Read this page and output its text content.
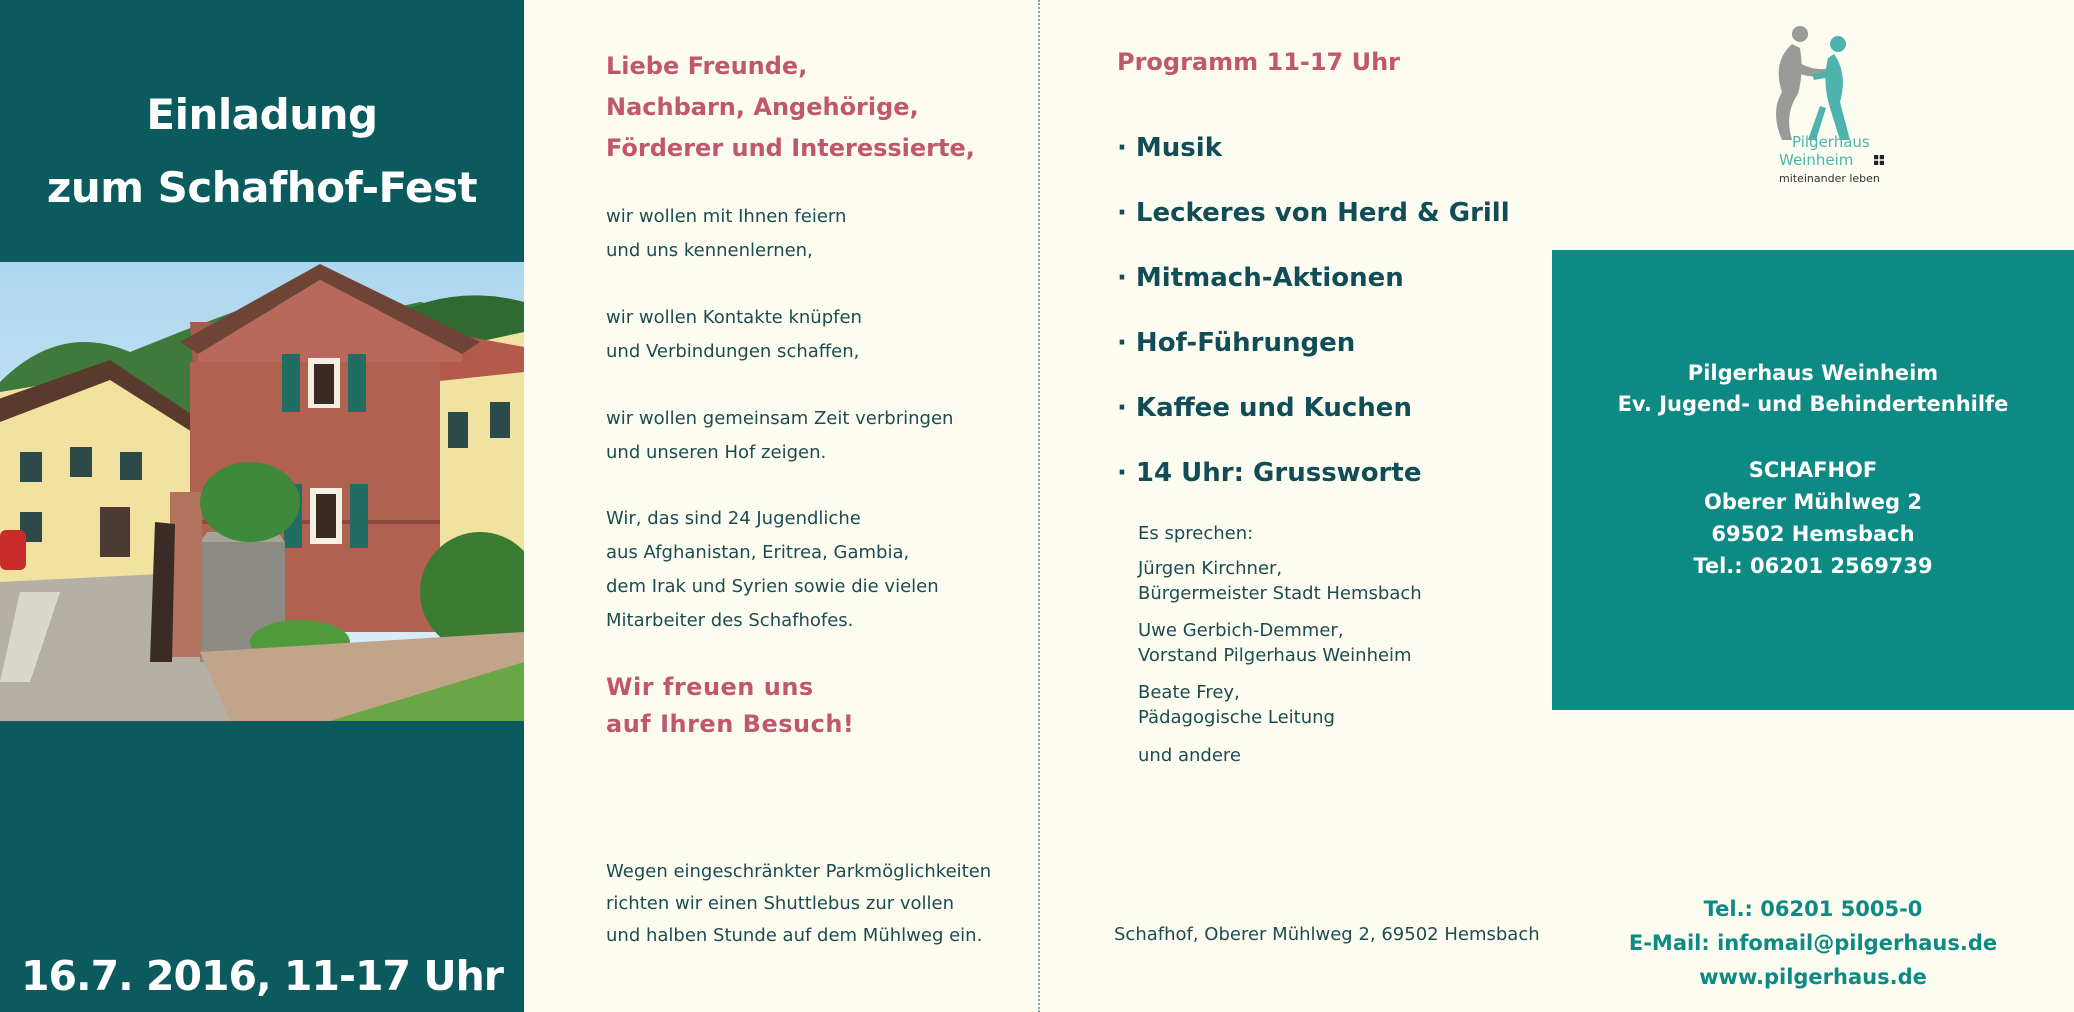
Einladung
zum Schafhof-Fest
16.7. 2016, 11-17 Uhr
Liebe Freunde,
Nachbarn, Angehörige,
Förderer und Interessierte,
wir wollen mit Ihnen feiern
und uns kennenlernen,
wir wollen Kontakte knüpfen
und Verbindungen schaffen,
wir wollen gemeinsam Zeit verbringen
und unseren Hof zeigen.
Wir, das sind 24 Jugendliche
aus Afghanistan, Eritrea, Gambia,
dem Irak und Syrien sowie die vielen
Mitarbeiter des Schafhofes.
Wir freuen uns
auf Ihren Besuch!
Wegen eingeschränkter Parkmöglichkeiten
richten wir einen Shuttlebus zur vollen
und halben Stunde auf dem Mühlweg ein.
Programm 11-17 Uhr
· Musik
· Leckeres von Herd & Grill
· Mitmach-Aktionen
· Hof-Führungen
· Kaffee und Kuchen
· 14 Uhr: Grussworte
Es sprechen:
Jürgen Kirchner,
Bürgermeister Stadt Hemsbach
Uwe Gerbich-Demmer,
Vorstand Pilgerhaus Weinheim
Beate Frey,
Pädagogische Leitung
und andere
Schafhof, Oberer Mühlweg 2, 69502 Hemsbach
Pilgerhaus
Weinheim
miteinander leben
Pilgerhaus Weinheim
Ev. Jugend- und Behindertenhilfe
SCHAFHOF
Oberer Mühlweg 2
69502 Hemsbach
Tel.: 06201 2569739
Tel.: 06201 5005-0
E-Mail: infomail@pilgerhaus.de
www.pilgerhaus.de
